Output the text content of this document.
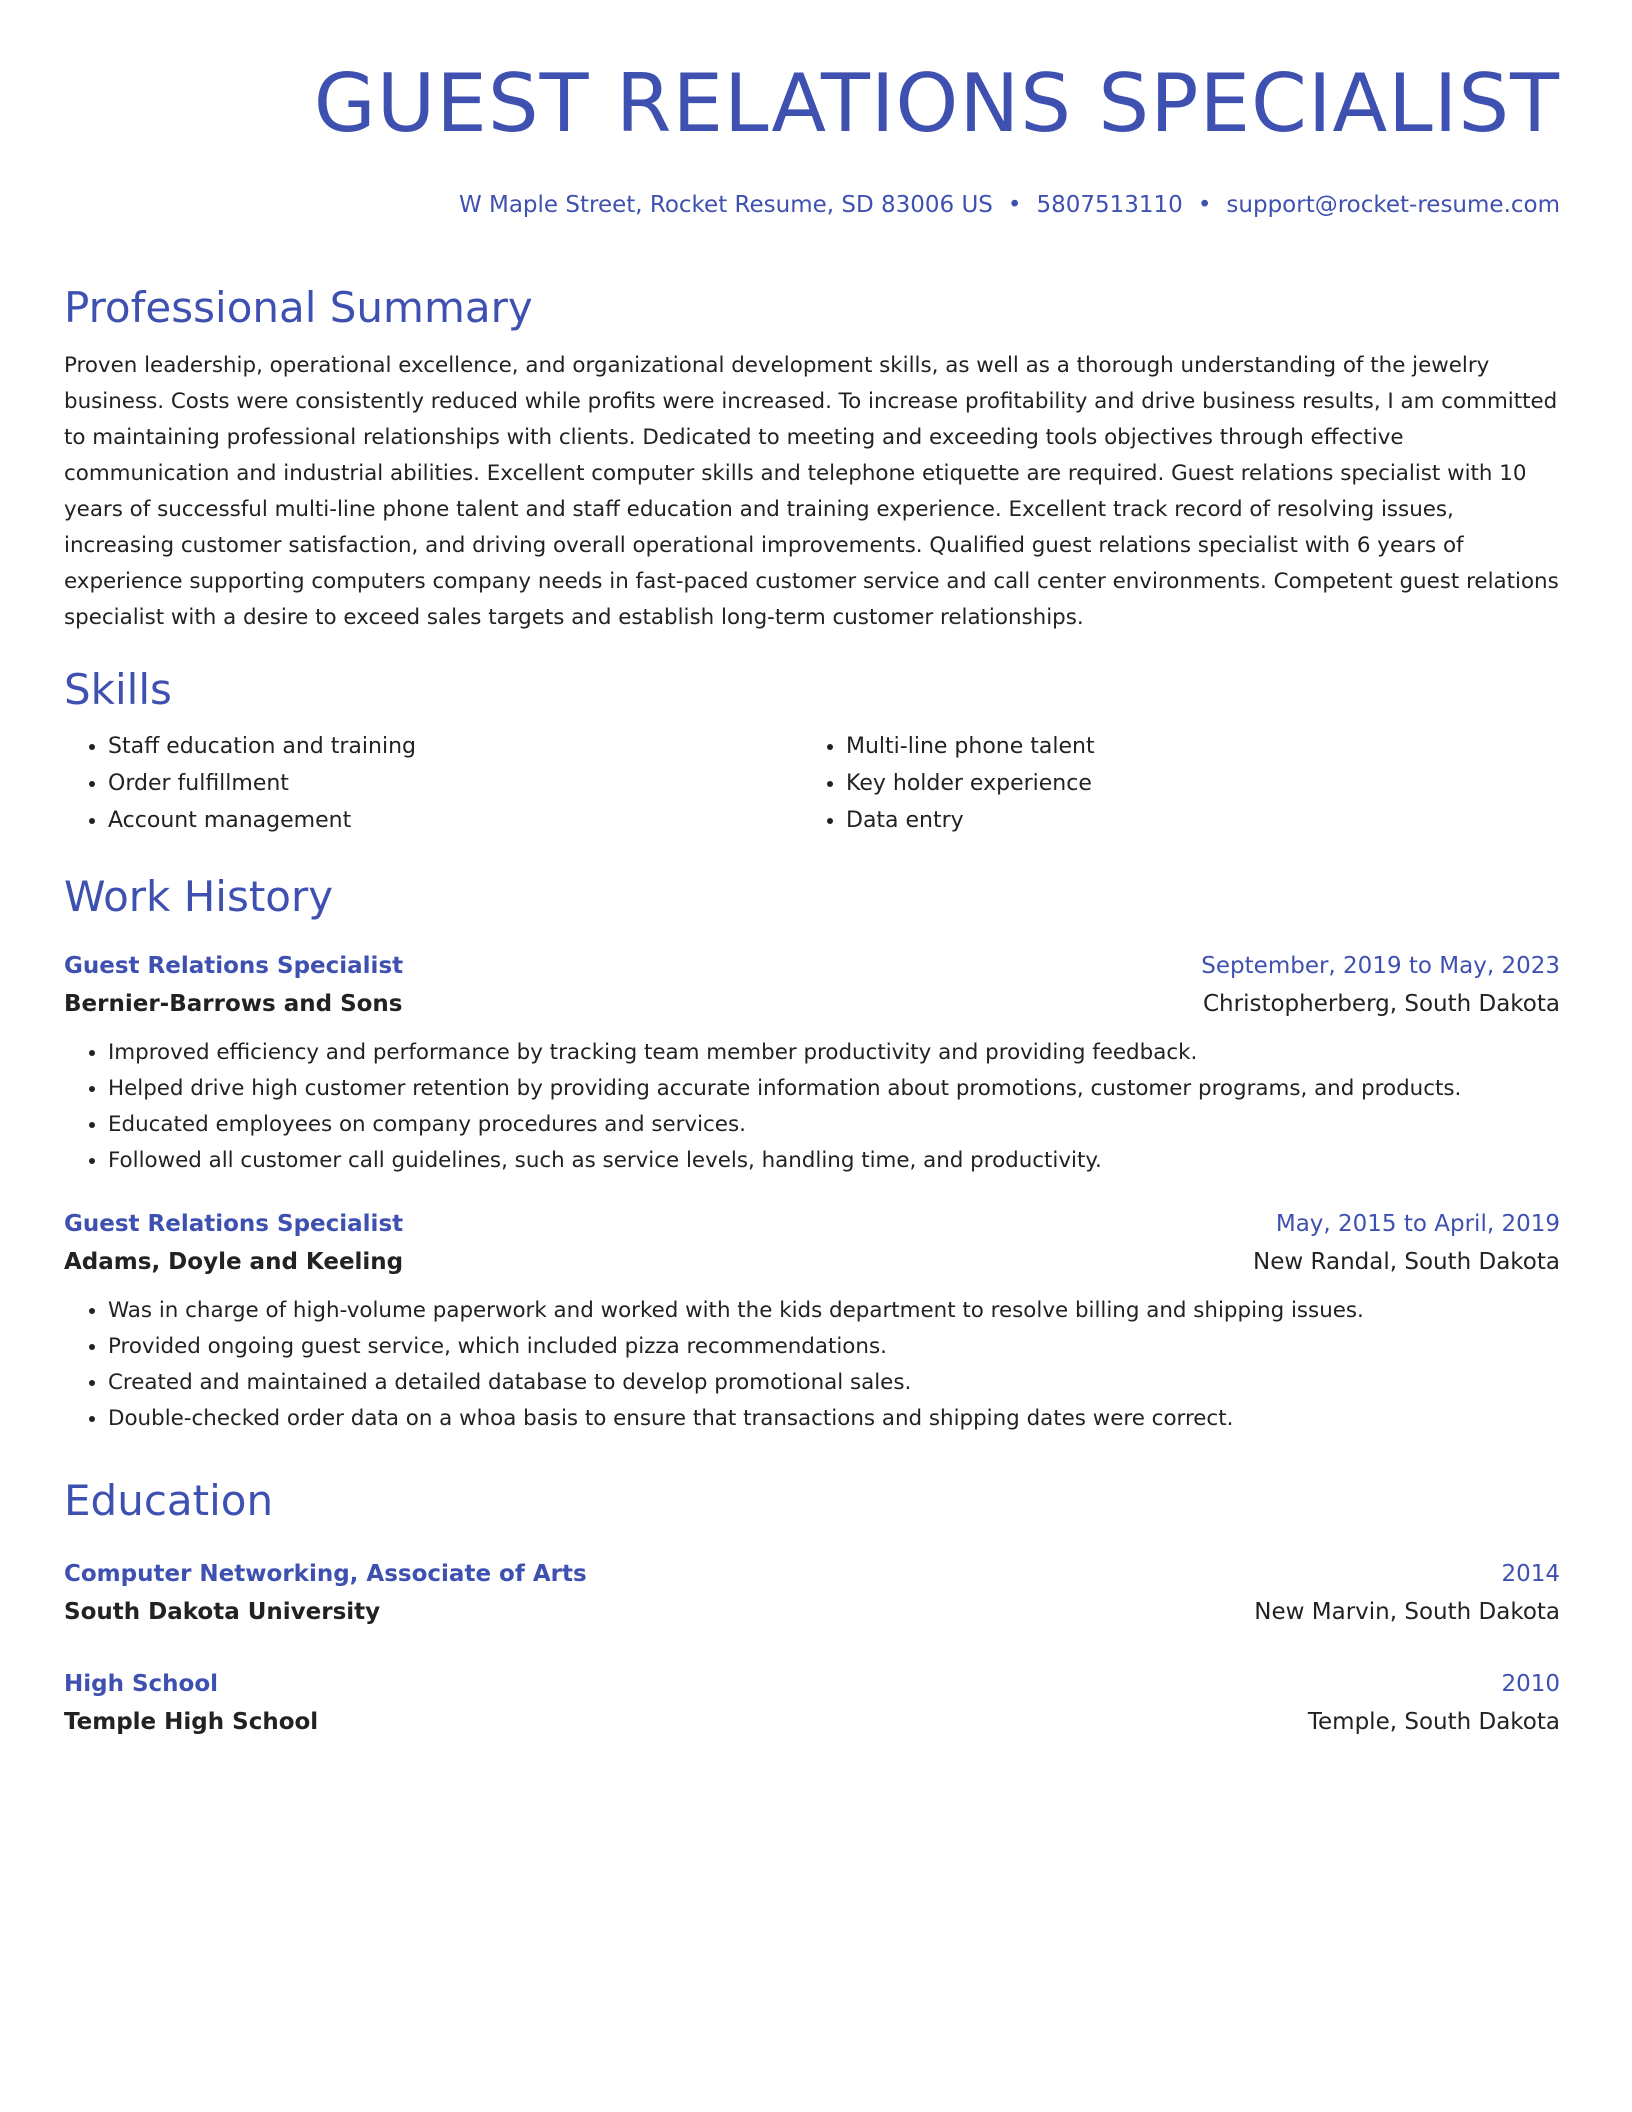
GUEST RELATIONS SPECIALIST
W Maple Street, Rocket Resume, SD 83006 US • 5807513110 • support@rocket-resume.com
Professional Summary
Proven leadership, operational excellence, and organizational development skills, as well as a thorough understanding of the jewelry business. Costs were consistently reduced while profits were increased. To increase profitability and drive business results, I am committed to maintaining professional relationships with clients. Dedicated to meeting and exceeding tools objectives through effective communication and industrial abilities. Excellent computer skills and telephone etiquette are required. Guest relations specialist with 10 years of successful multi-line phone talent and staff education and training experience. Excellent track record of resolving issues, increasing customer satisfaction, and driving overall operational improvements. Qualified guest relations specialist with 6 years of experience supporting computers company needs in fast-paced customer service and call center environments. Competent guest relations specialist with a desire to exceed sales targets and establish long-term customer relationships.
Skills
• Staff education and training
• Order fulfillment
• Account management
• Multi-line phone talent
• Key holder experience
• Data entry
Work History
Guest Relations Specialist	September, 2019 to May, 2023
Bernier-Barrows and Sons	Christopherberg, South Dakota
• Improved efficiency and performance by tracking team member productivity and providing feedback.
• Helped drive high customer retention by providing accurate information about promotions, customer programs, and products.
• Educated employees on company procedures and services.
• Followed all customer call guidelines, such as service levels, handling time, and productivity.
Guest Relations Specialist	May, 2015 to April, 2019
Adams, Doyle and Keeling	New Randal, South Dakota
• Was in charge of high-volume paperwork and worked with the kids department to resolve billing and shipping issues.
• Provided ongoing guest service, which included pizza recommendations.
• Created and maintained a detailed database to develop promotional sales.
• Double-checked order data on a whoa basis to ensure that transactions and shipping dates were correct.
Education
Computer Networking, Associate of Arts	2014
South Dakota University	New Marvin, South Dakota
High School	2010
Temple High School	Temple, South Dakota
